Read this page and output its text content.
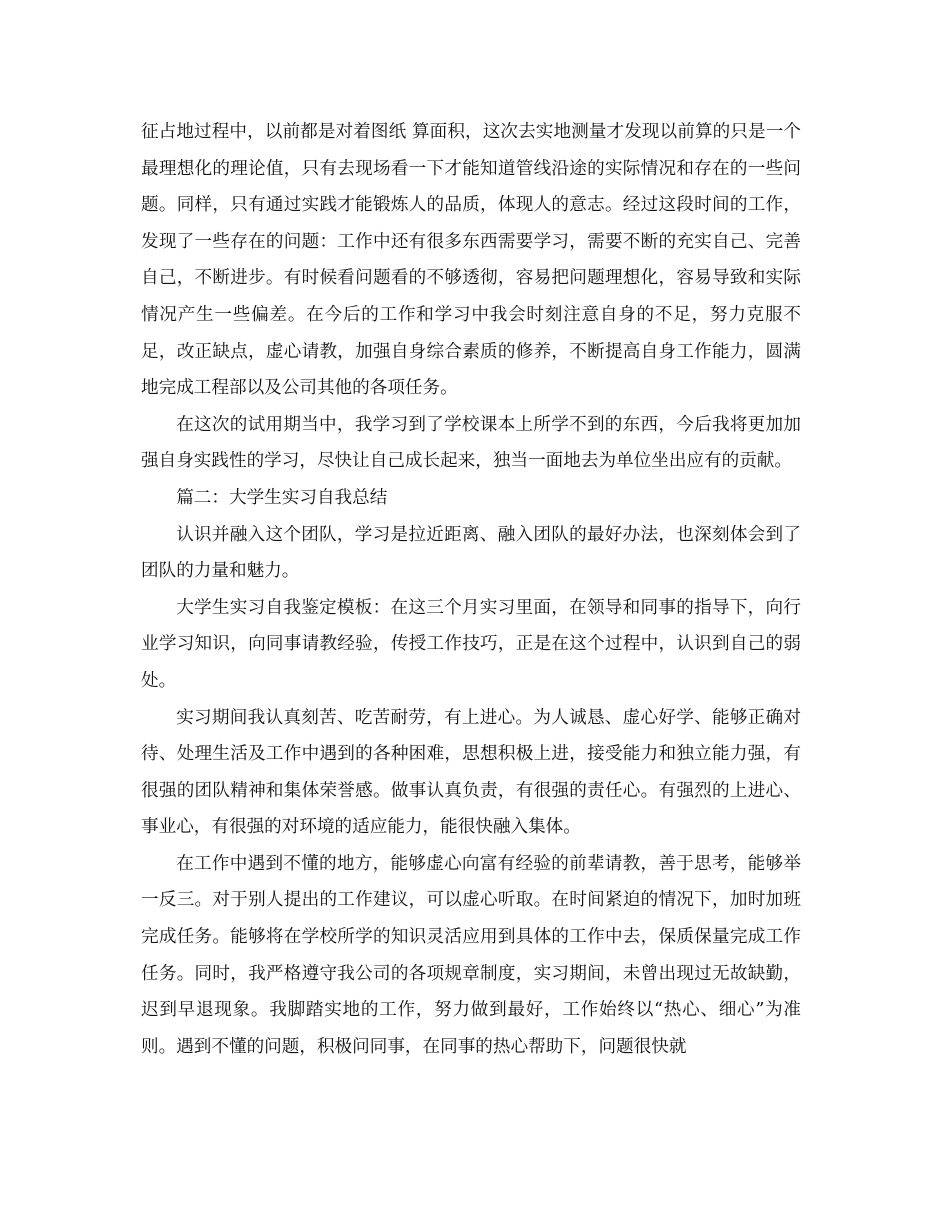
征占地过程中，以前都是对着图纸 算面积，这次去实地测量才发现以前算的只是一个最理想化的理论值，只有去现场看一下才能知道管线沿途的实际情况和存在的一些问题。同样，只有通过实践才能锻炼人的品质，体现人的意志。经过这段时间的工作，发现了一些存在的问题：工作中还有很多东西需要学习，需要不断的充实自己、完善自己，不断进步。有时候看问题看的不够透彻，容易把问题理想化，容易导致和实际情况产生一些偏差。在今后的工作和学习中我会时刻注意自身的不足，努力克服不足，改正缺点，虚心请教，加强自身综合素质的修养，不断提高自身工作能力，圆满地完成工程部以及公司其他的各项任务。

在这次的试用期当中，我学习到了学校课本上所学不到的东西，今后我将更加加强自身实践性的学习，尽快让自己成长起来，独当一面地去为单位坐出应有的贡献。

篇二：大学生实习自我总结

认识并融入这个团队，学习是拉近距离、融入团队的最好办法，也深刻体会到了团队的力量和魅力。

大学生实习自我鉴定模板：在这三个月实习里面，在领导和同事的指导下，向行业学习知识，向同事请教经验，传授工作技巧，正是在这个过程中，认识到自己的弱处。

实习期间我认真刻苦、吃苦耐劳，有上进心。为人诚恳、虚心好学、能够正确对待、处理生活及工作中遇到的各种困难，思想积极上进，接受能力和独立能力强，有很强的团队精神和集体荣誉感。做事认真负责，有很强的责任心。有强烈的上进心、事业心，有很强的对环境的适应能力，能很快融入集体。

在工作中遇到不懂的地方，能够虚心向富有经验的前辈请教，善于思考，能够举一反三。对于别人提出的工作建议，可以虚心听取。在时间紧迫的情况下，加时加班完成任务。能够将在学校所学的知识灵活应用到具体的工作中去，保质保量完成工作任务。同时，我严格遵守我公司的各项规章制度，实习期间，未曾出现过无故缺勤，迟到早退现象。我脚踏实地的工作，努力做到最好，工作始终以“热心、细心”为准则。遇到不懂的问题，积极问同事，在同事的热心帮助下，问题很快就
